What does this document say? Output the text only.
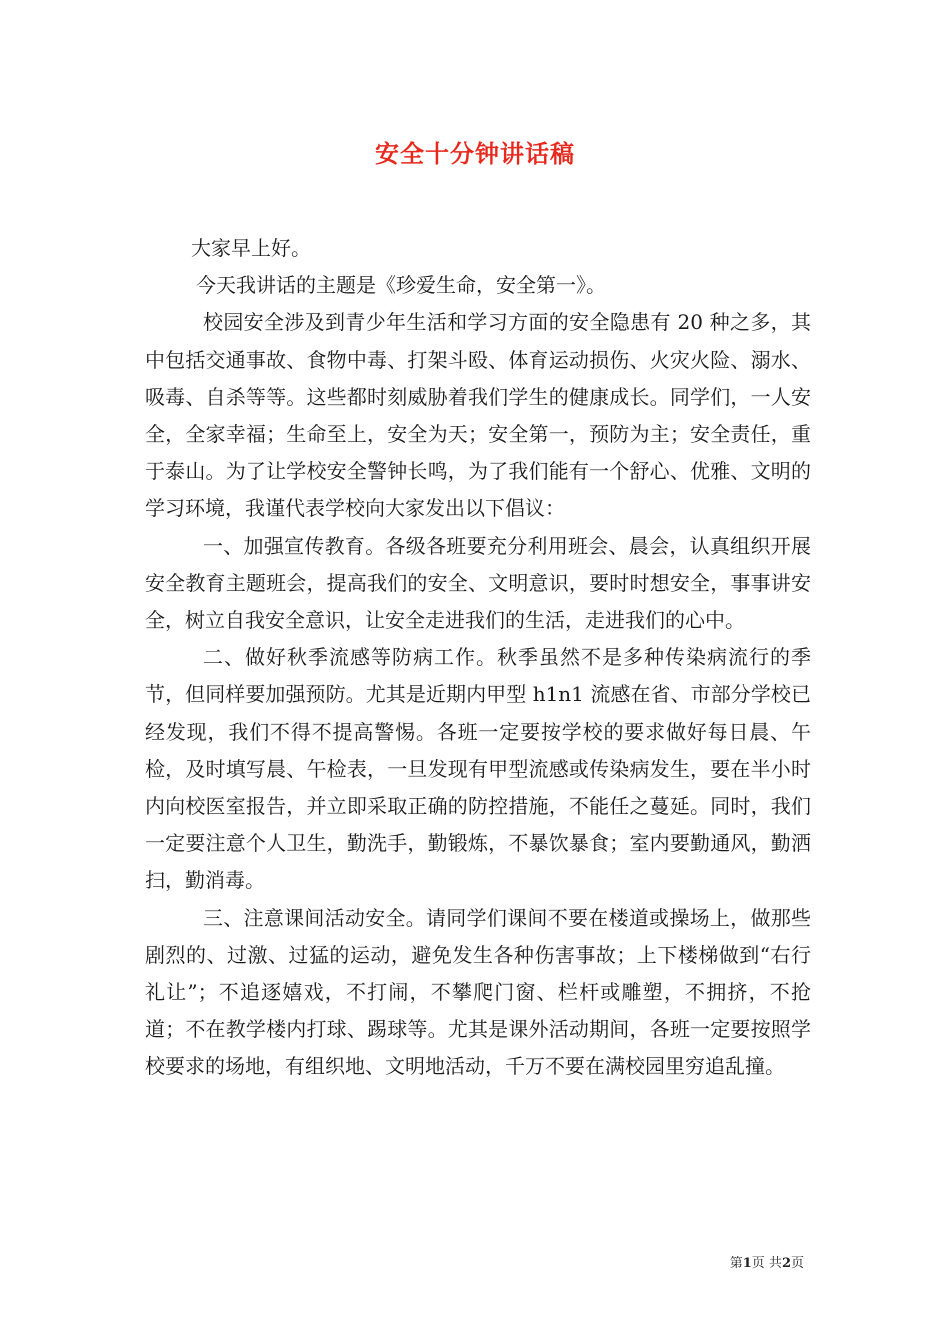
安全十分钟讲话稿

大家早上好。

今天我讲话的主题是《珍爱生命，安全第一》。

校园安全涉及到青少年生活和学习方面的安全隐患有 20 种之多，其中包括交通事故、食物中毒、打架斗殴、体育运动损伤、火灾火险、溺水、吸毒、自杀等等。这些都时刻威胁着我们学生的健康成长。同学们，一人安全，全家幸福；生命至上，安全为天；安全第一，预防为主；安全责任，重于泰山。为了让学校安全警钟长鸣，为了我们能有一个舒心、优雅、文明的学习环境，我谨代表学校向大家发出以下倡议：

一、加强宣传教育。各级各班要充分利用班会、晨会，认真组织开展安全教育主题班会，提高我们的安全、文明意识，要时时想安全，事事讲安全，树立自我安全意识，让安全走进我们的生活，走进我们的心中。

二、做好秋季流感等防病工作。秋季虽然不是多种传染病流行的季节，但同样要加强预防。尤其是近期内甲型 h1n1 流感在省、市部分学校已经发现，我们不得不提高警惕。各班一定要按学校的要求做好每日晨、午检，及时填写晨、午检表，一旦发现有甲型流感或传染病发生，要在半小时内向校医室报告，并立即采取正确的防控措施，不能任之蔓延。同时，我们一定要注意个人卫生，勤洗手，勤锻炼，不暴饮暴食；室内要勤通风，勤洒扫，勤消毒。

三、注意课间活动安全。请同学们课间不要在楼道或操场上，做那些剧烈的、过激、过猛的运动，避免发生各种伤害事故；上下楼梯做到“右行礼让”；不追逐嬉戏，不打闹，不攀爬门窗、栏杆或雕塑，不拥挤，不抢道；不在教学楼内打球、踢球等。尤其是课外活动期间，各班一定要按照学校要求的场地，有组织地、文明地活动，千万不要在满校园里穷追乱撞。

第1页 共2页
